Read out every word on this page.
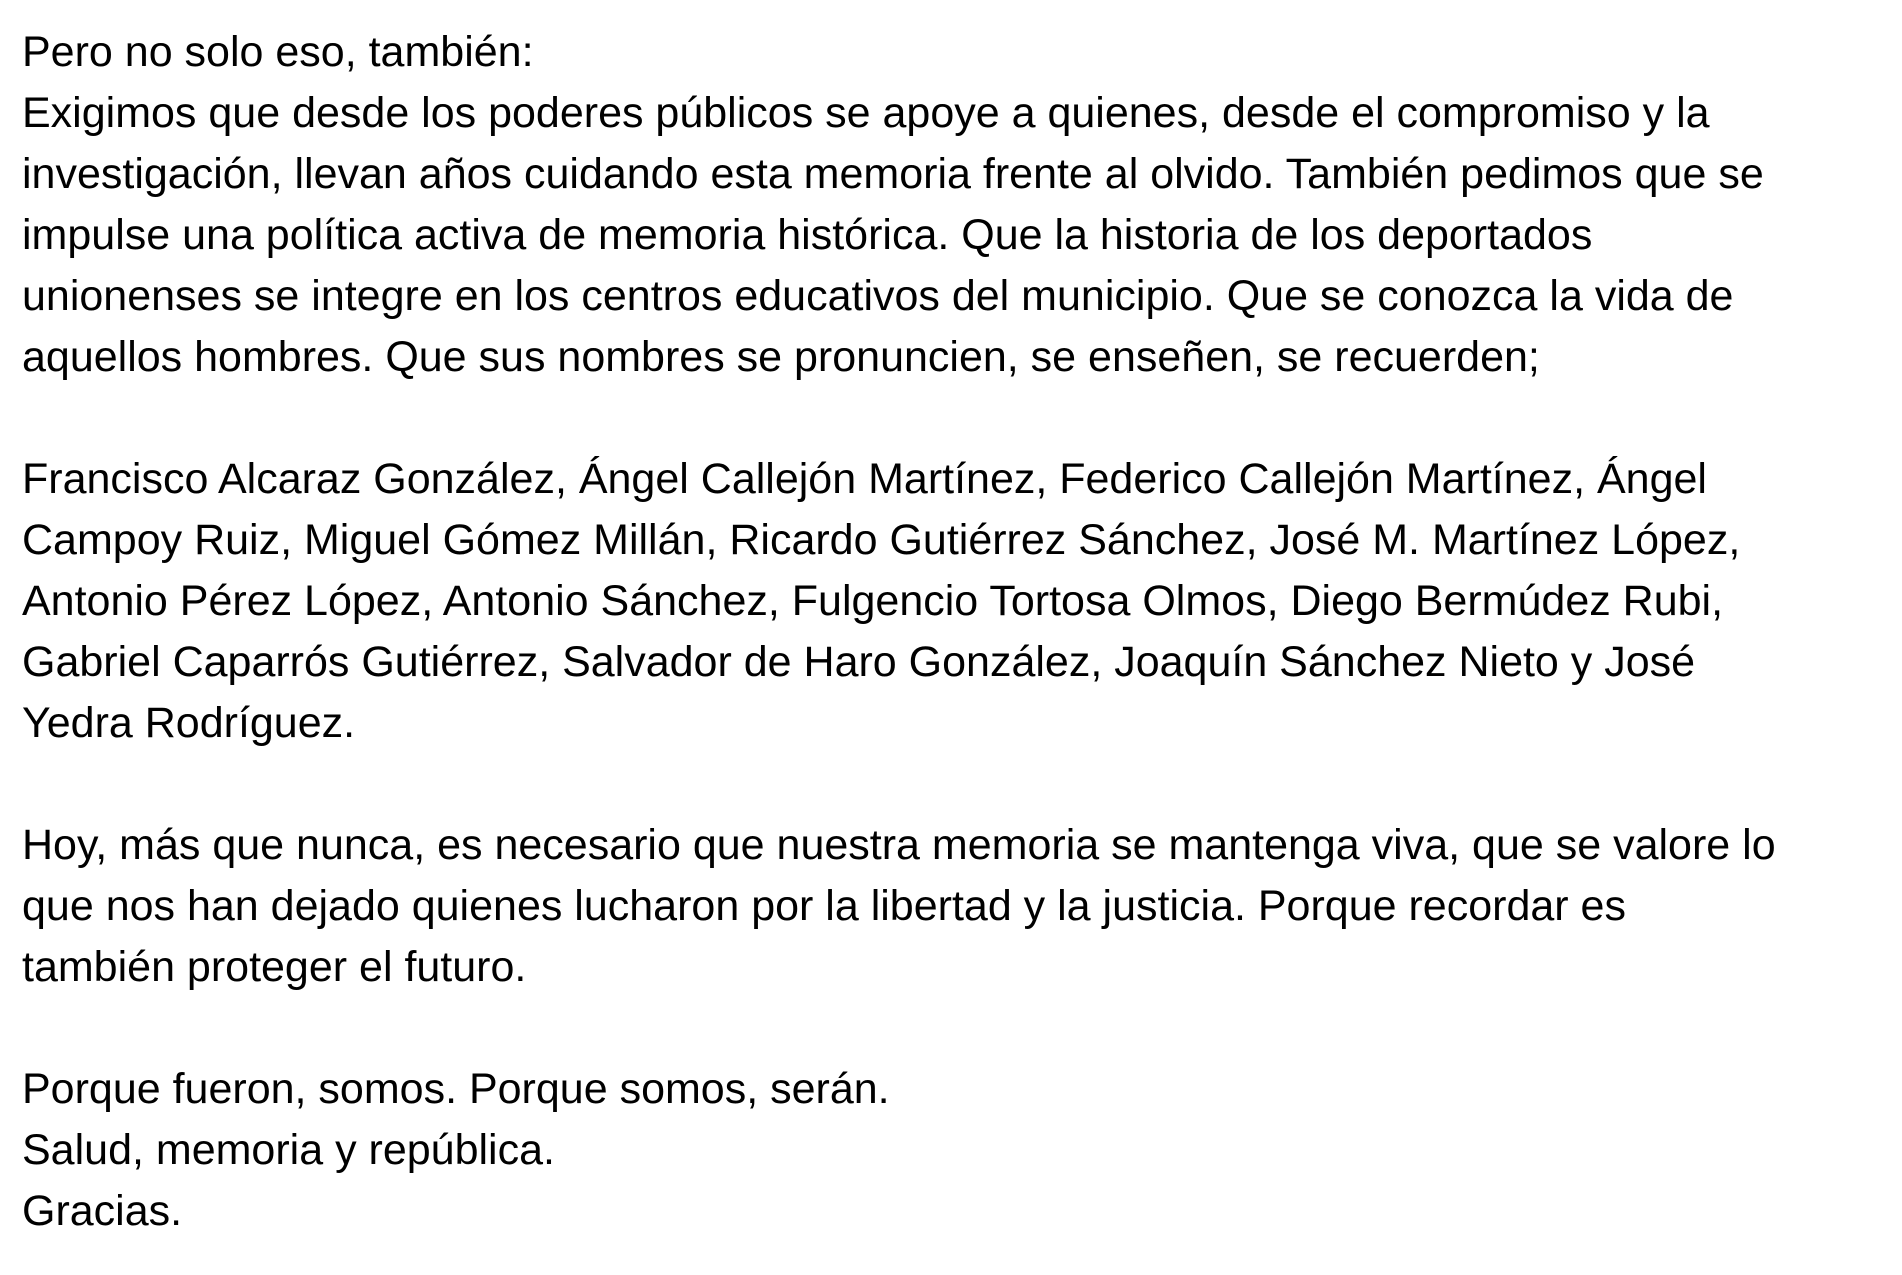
Pero no solo eso, también:
Exigimos que desde los poderes públicos se apoye a quienes, desde el compromiso y la
investigación, llevan años cuidando esta memoria frente al olvido. También pedimos que se
impulse una política activa de memoria histórica. Que la historia de los deportados
unionenses se integre en los centros educativos del municipio. Que se conozca la vida de
aquellos hombres. Que sus nombres se pronuncien, se enseñen, se recuerden;
Francisco Alcaraz González, Ángel Callejón Martínez, Federico Callejón Martínez, Ángel
Campoy Ruiz, Miguel Gómez Millán, Ricardo Gutiérrez Sánchez, José M. Martínez López,
Antonio Pérez López, Antonio Sánchez, Fulgencio Tortosa Olmos, Diego Bermúdez Rubi,
Gabriel Caparrós Gutiérrez, Salvador de Haro González, Joaquín Sánchez Nieto y José
Yedra Rodríguez.
Hoy, más que nunca, es necesario que nuestra memoria se mantenga viva, que se valore lo
que nos han dejado quienes lucharon por la libertad y la justicia. Porque recordar es
también proteger el futuro.
Porque fueron, somos. Porque somos, serán.
Salud, memoria y república.
Gracias.
